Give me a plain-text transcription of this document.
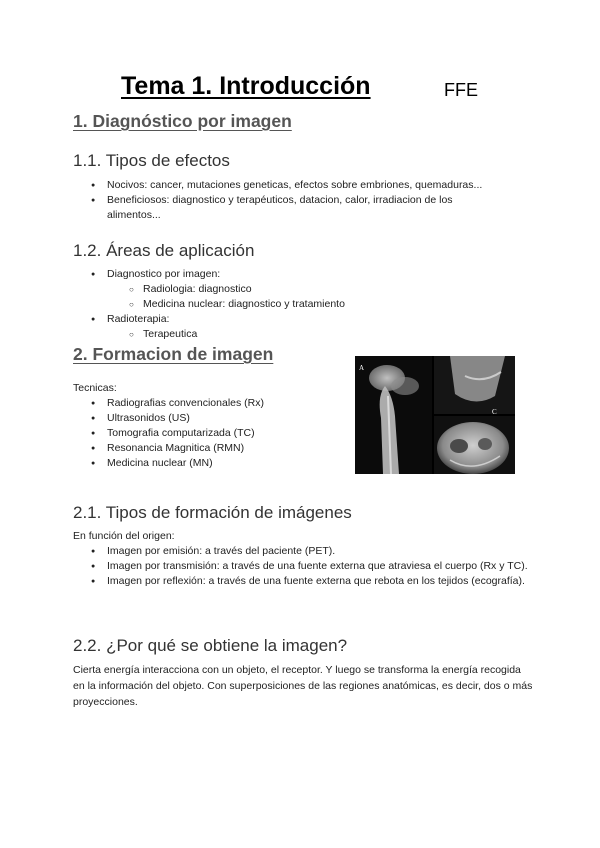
Tema 1. Introducción	FFE
1. Diagnóstico por imagen
1.1. Tipos de efectos
● Nocivos: cancer, mutaciones geneticas, efectos sobre embriones, quemaduras...
● Beneficiosos: diagnostico y terapéuticos, datacion, calor, irradiacion de los alimentos...
1.2. Áreas de aplicación
● Diagnostico por imagen:
○ Radiologia: diagnostico
○ Medicina nuclear: diagnostico y tratamiento
● Radioterapia:
○ Terapeutica
2. Formacion de imagen
Tecnicas:
● Radiografias convencionales (Rx)
● Ultrasonidos (US)
● Tomografia computarizada (TC)
● Resonancia Magnitica (RMN)
● Medicina nuclear (MN)
A
C
2.1. Tipos de formación de imágenes
En función del origen:
● Imagen por emisión: a través del paciente (PET).
● Imagen por transmisión: a través de una fuente externa que atraviesa el cuerpo (Rx y TC).
● Imagen por reflexión: a través de una fuente externa que rebota en los tejidos (ecografía).
2.2. ¿Por qué se obtiene la imagen?
Cierta energía interacciona con un objeto, el receptor. Y luego se transforma la energía recogida en la información del objeto. Con superposiciones de las regiones anatómicas, es decir, dos o más proyecciones.
